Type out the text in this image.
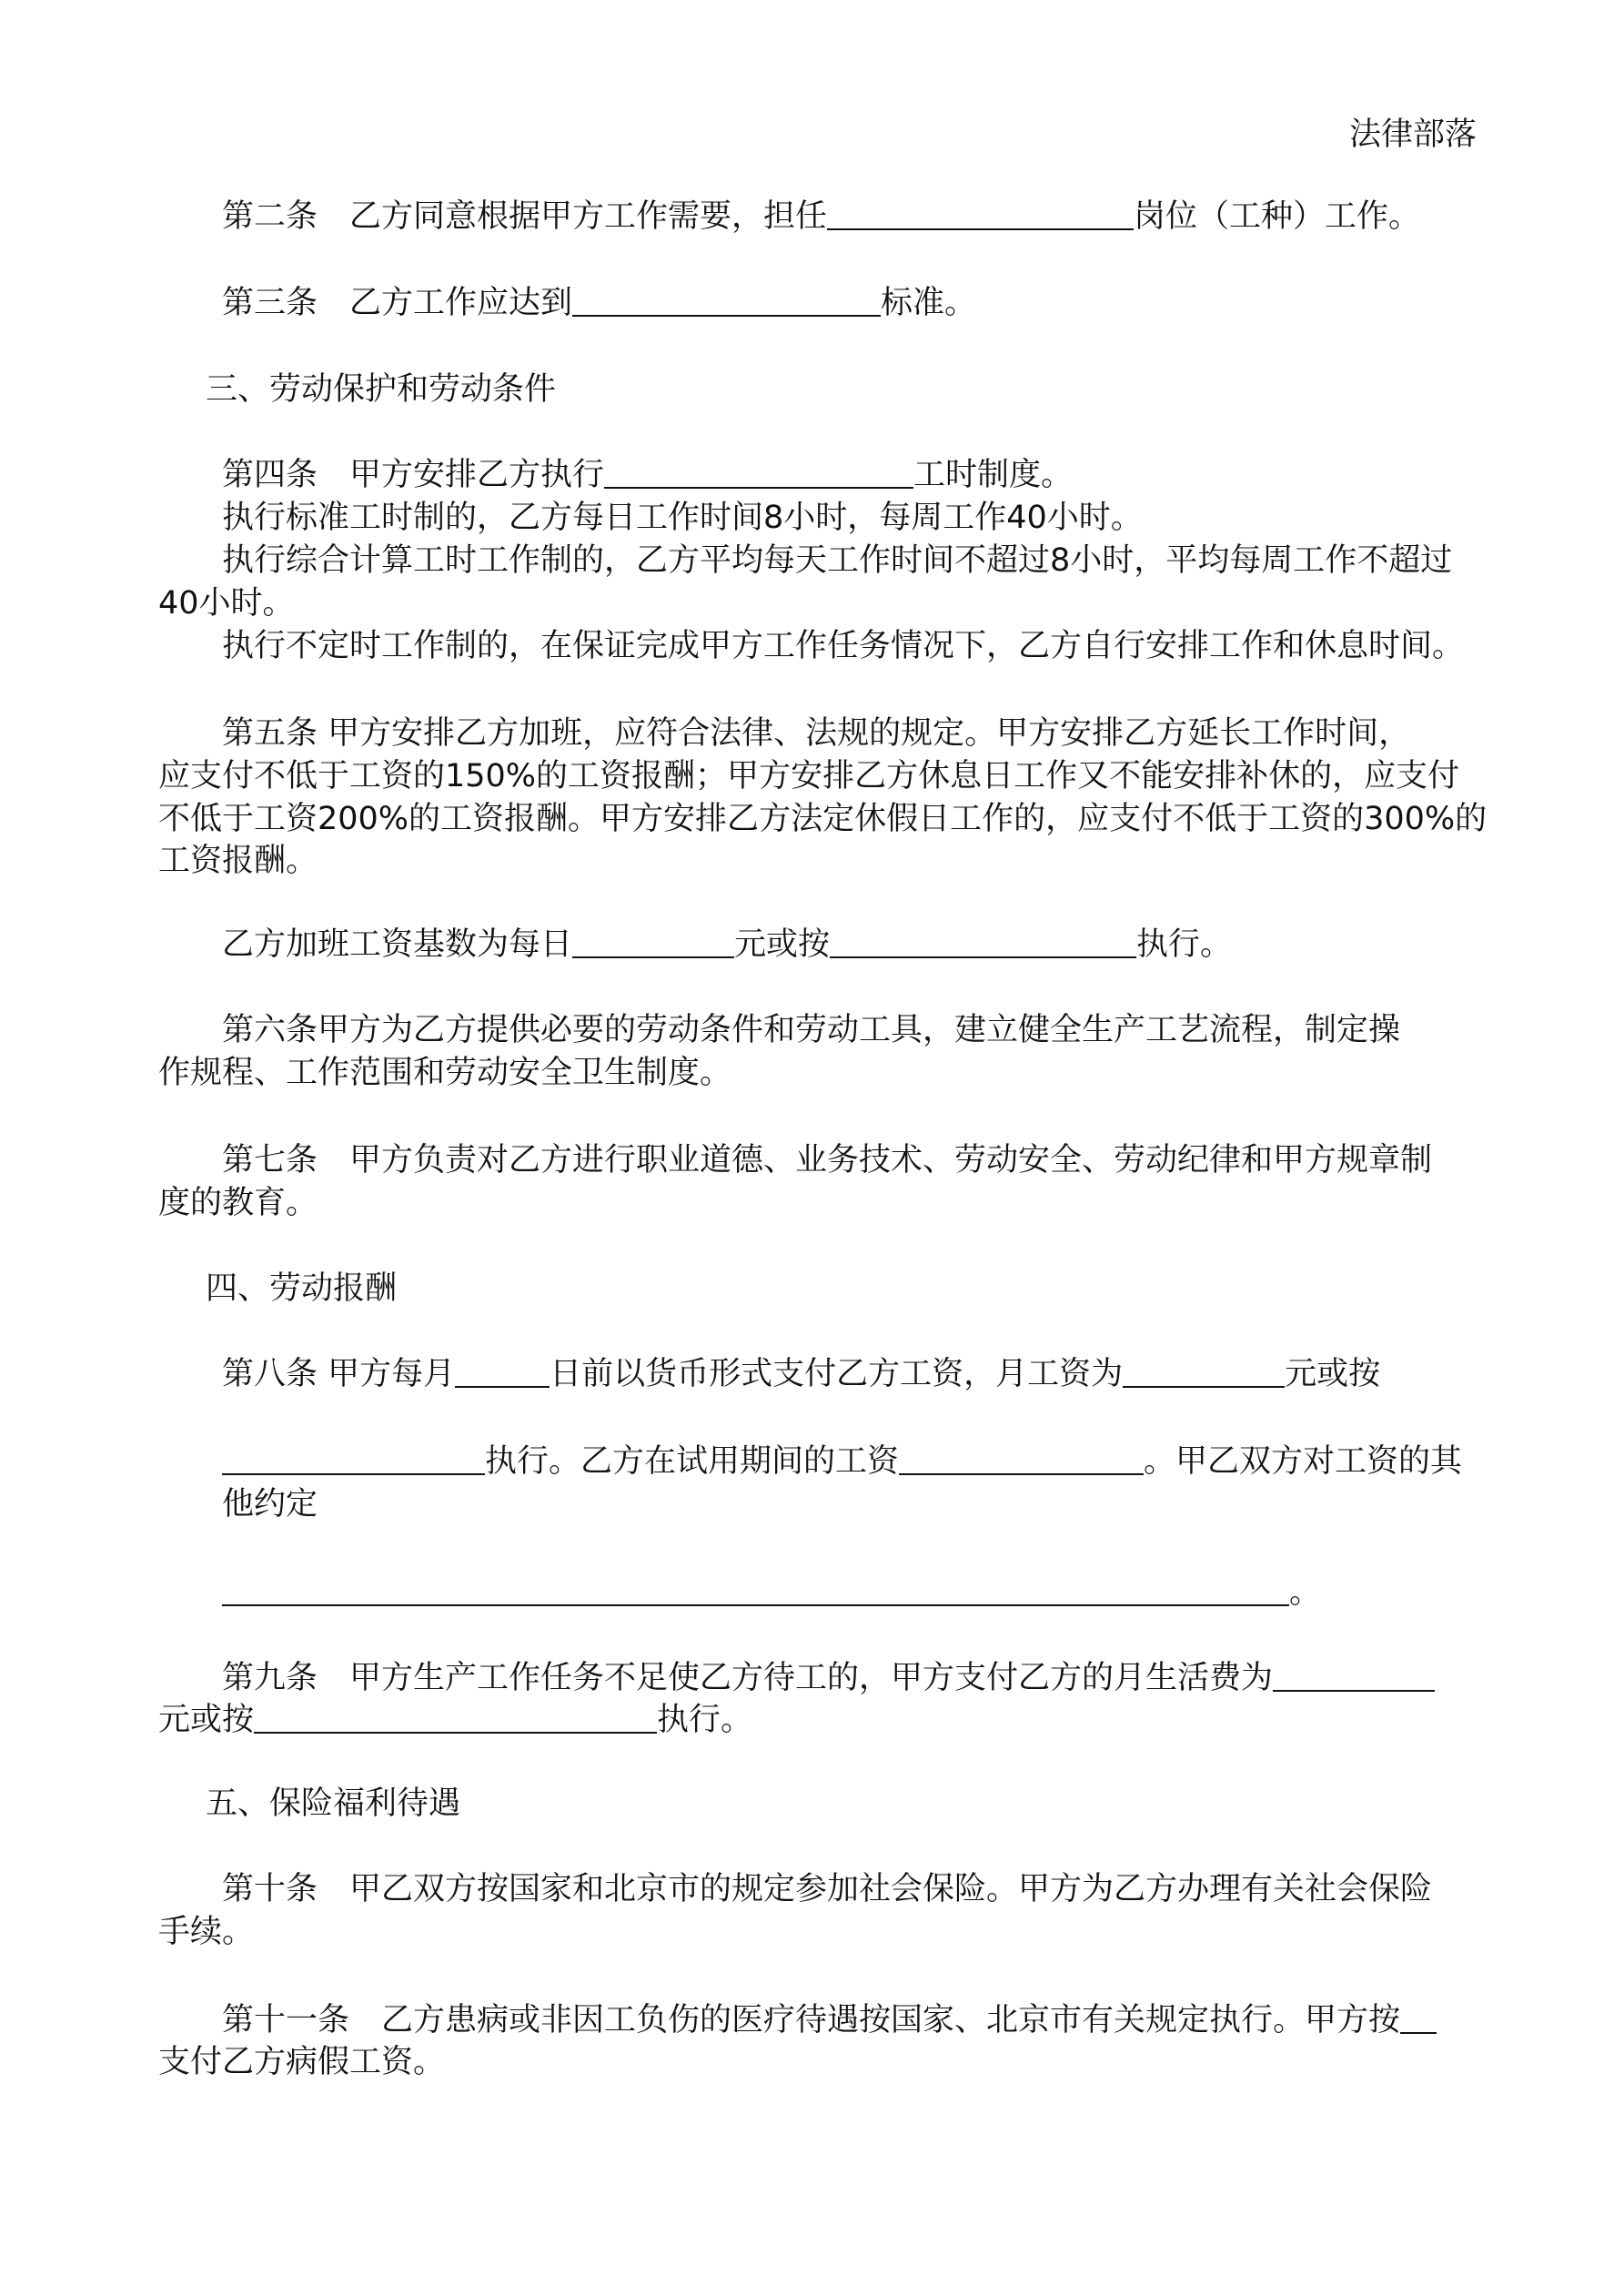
法律部落
第二条　乙方同意根据甲方工作需要，担任	岗位（工种）工作。
第三条　乙方工作应达到	标准。
三、劳动保护和劳动条件
第四条　甲方安排乙方执行	工时制度。
执行标准工时制的，乙方每日工作时间8小时，每周工作40小时。
执行综合计算工时工作制的，乙方平均每天工作时间不超过8小时，平均每周工作不超过
40小时。
执行不定时工作制的，在保证完成甲方工作任务情况下，乙方自行安排工作和休息时间。
第五条 甲方安排乙方加班，应符合法律、法规的规定。甲方安排乙方延长工作时间，
应支付不低于工资的150%的工资报酬；甲方安排乙方休息日工作又不能安排补休的，应支付
不低于工资200%的工资报酬。甲方安排乙方法定休假日工作的，应支付不低于工资的300%的
工资报酬。
乙方加班工资基数为每日	元或按	执行。
第六条甲方为乙方提供必要的劳动条件和劳动工具，建立健全生产工艺流程，制定操
作规程、工作范围和劳动安全卫生制度。
第七条　甲方负责对乙方进行职业道德、业务技术、劳动安全、劳动纪律和甲方规章制
度的教育。
四、劳动报酬
第八条 甲方每月	日前以货币形式支付乙方工资，月工资为	元或按
执行。乙方在试用期间的工资	。甲乙双方对工资的其
他约定
。
第九条　甲方生产工作任务不足使乙方待工的，甲方支付乙方的月生活费为
元或按	执行。
五、保险福利待遇
第十条　甲乙双方按国家和北京市的规定参加社会保险。甲方为乙方办理有关社会保险
手续。
第十一条　乙方患病或非因工负伤的医疗待遇按国家、北京市有关规定执行。甲方按
支付乙方病假工资。
